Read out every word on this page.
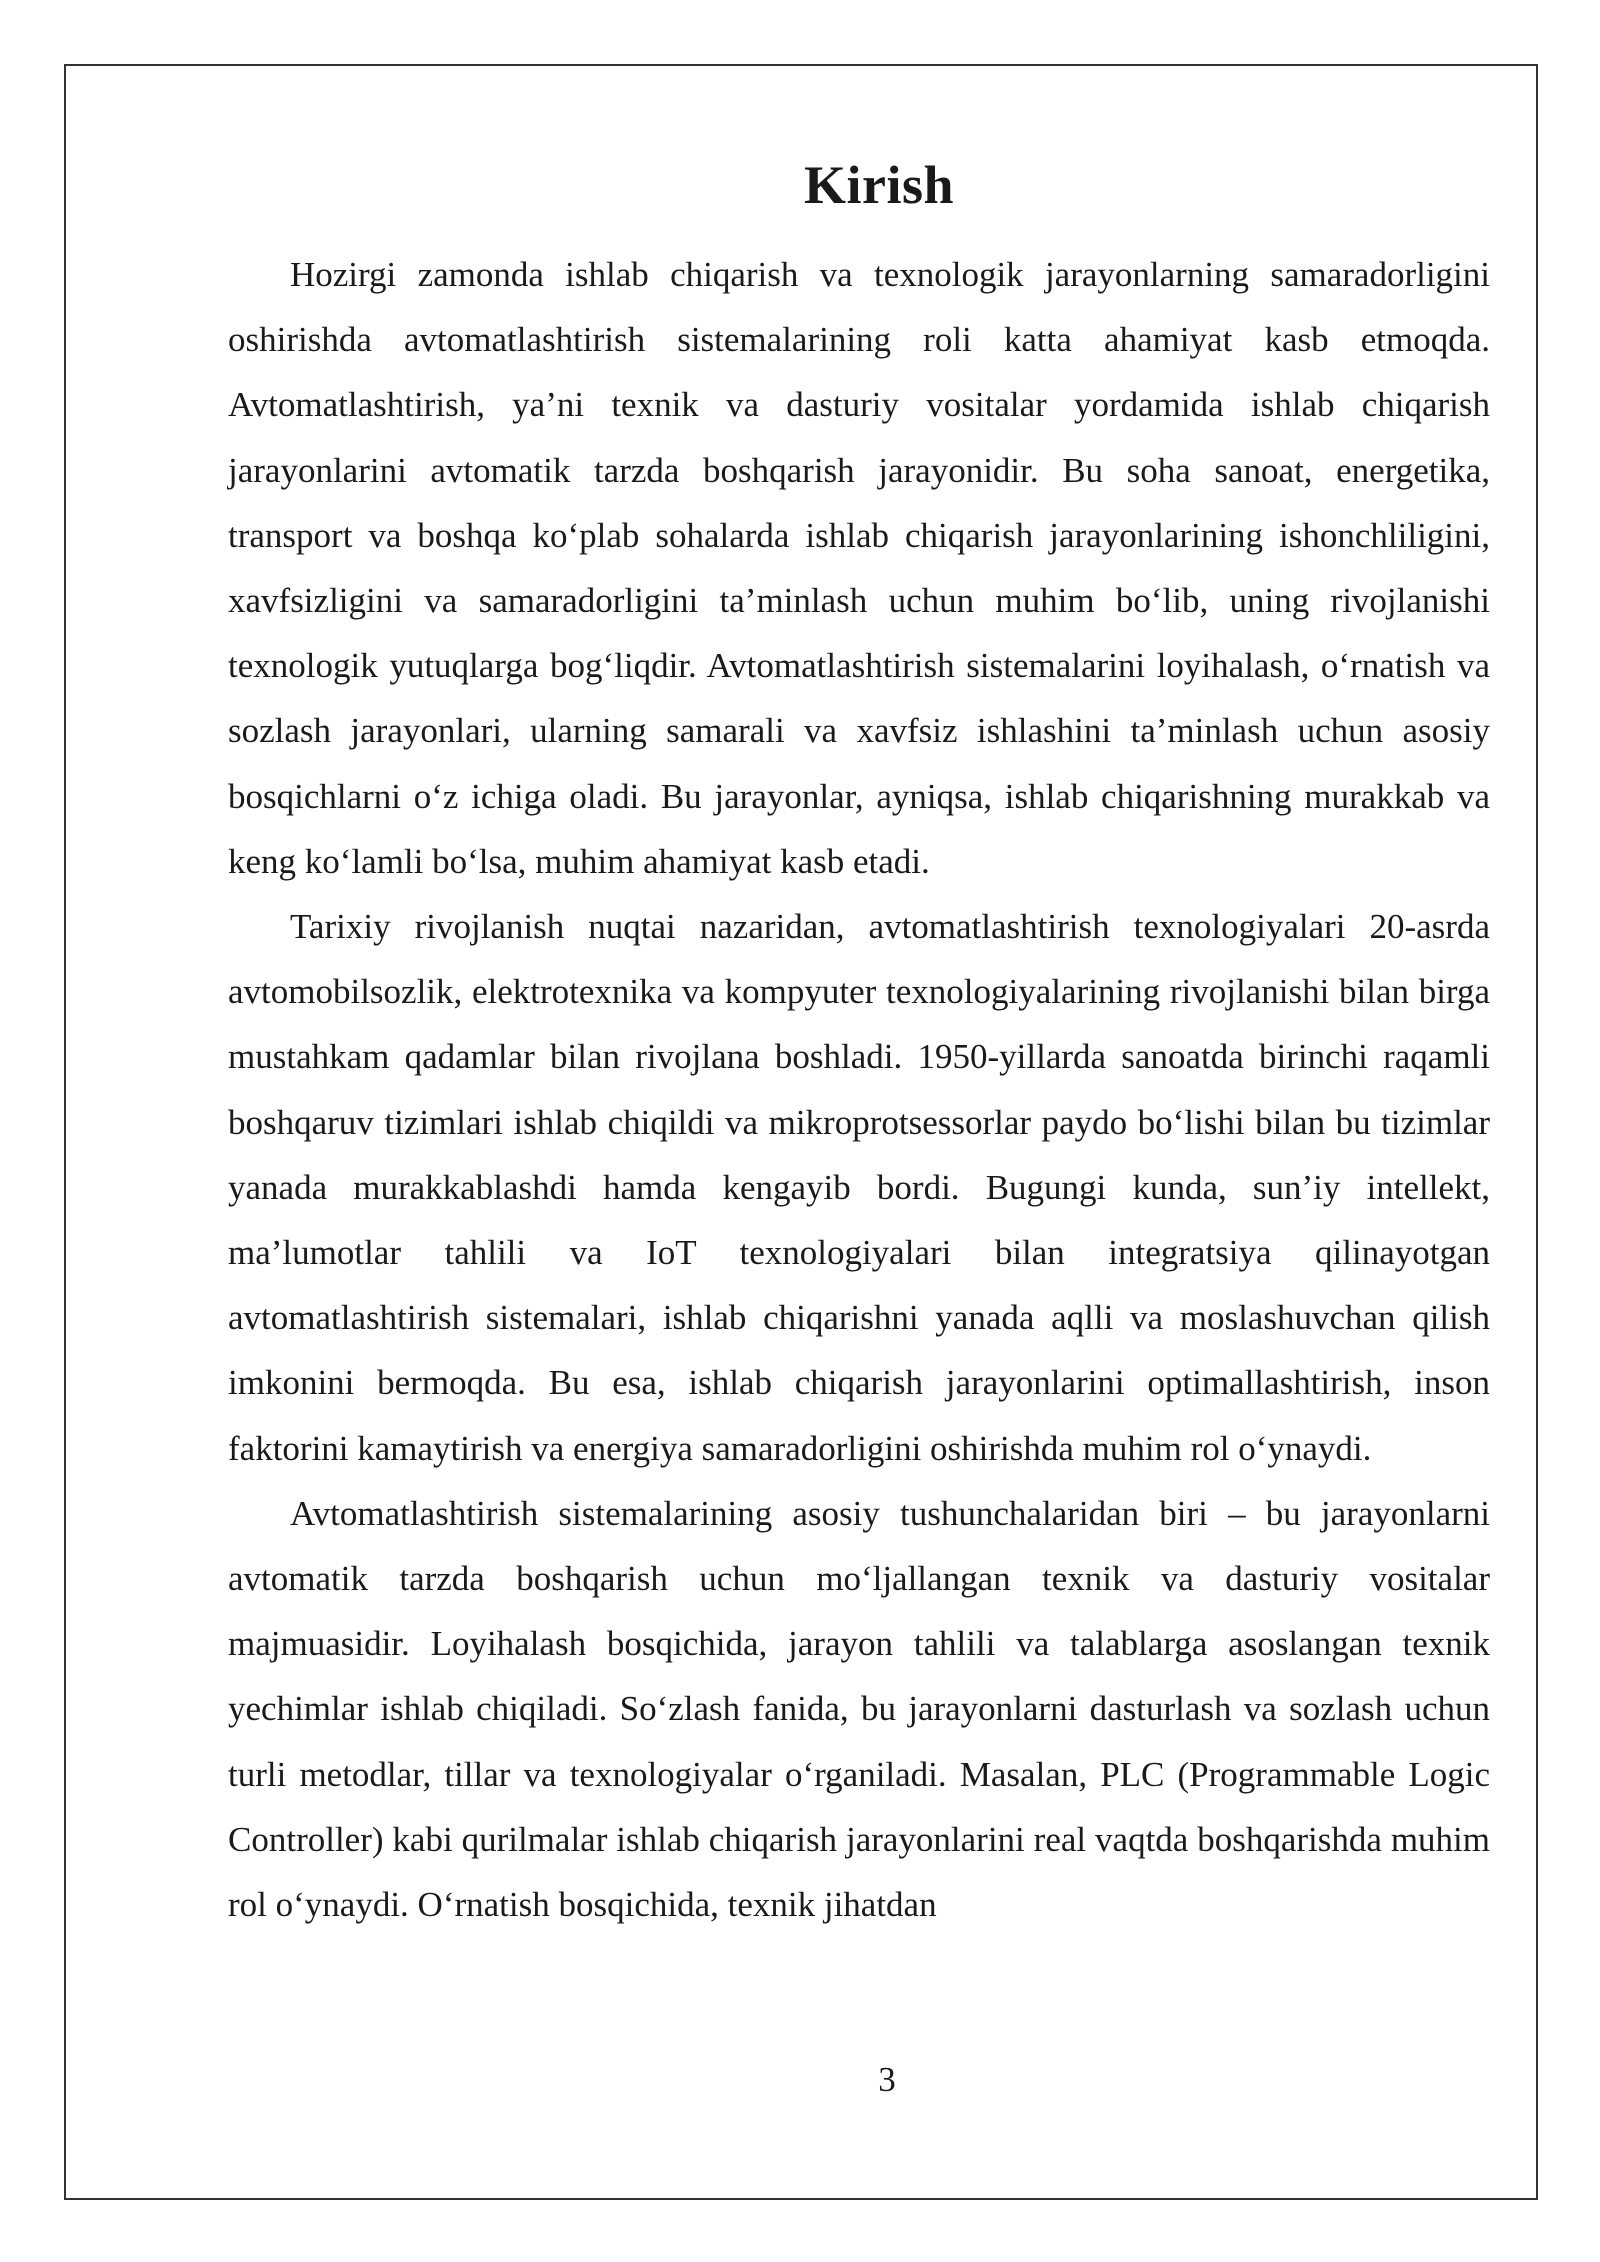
Kirish

Hozirgi zamonda ishlab chiqarish va texnologik jarayonlarning samaradorligini oshirishda avtomatlashtirish sistemalarining roli katta ahamiyat kasb etmoqda. Avtomatlashtirish, ya’ni texnik va dasturiy vositalar yordamida ishlab chiqarish jarayonlarini avtomatik tarzda boshqarish jarayonidir. Bu soha sanoat, energetika, transport va boshqa ko‘plab sohalarda ishlab chiqarish jarayonlarining ishonchliligini, xavfsizligini va samaradorligini ta’minlash uchun muhim bo‘lib, uning rivojlanishi texnologik yutuqlarga bog‘liqdir. Avtomatlashtirish sistemalarini loyihalash, o‘rnatish va sozlash jarayonlari, ularning samarali va xavfsiz ishlashini ta’minlash uchun asosiy bosqichlarni o‘z ichiga oladi. Bu jarayonlar, ayniqsa, ishlab chiqarishning murakkab va keng ko‘lamli bo‘lsa, muhim ahamiyat kasb etadi.

Tarixiy rivojlanish nuqtai nazaridan, avtomatlashtirish texnologiyalari 20-asrda avtomobilsozlik, elektrotexnika va kompyuter texnologiyalarining rivojlanishi bilan birga mustahkam qadamlar bilan rivojlana boshladi. 1950-yillarda sanoatda birinchi raqamli boshqaruv tizimlari ishlab chiqildi va mikroprotsessorlar paydo bo‘lishi bilan bu tizimlar yanada murakkablashdi hamda kengayib bordi. Bugungi kunda, sun’iy intellekt, ma’lumotlar tahlili va IoT texnologiyalari bilan integratsiya qilinayotgan avtomatlashtirish sistemalari, ishlab chiqarishni yanada aqlli va moslashuvchan qilish imkonini bermoqda. Bu esa, ishlab chiqarish jarayonlarini optimallashtirish, inson faktorini kamaytirish va energiya samaradorligini oshirishda muhim rol o‘ynaydi.

Avtomatlashtirish sistemalarining asosiy tushunchalaridan biri – bu jarayonlarni avtomatik tarzda boshqarish uchun mo‘ljallangan texnik va dasturiy vositalar majmuasidir. Loyihalash bosqichida, jarayon tahlili va talablarga asoslangan texnik yechimlar ishlab chiqiladi. So‘zlash fanida, bu jarayonlarni dasturlash va sozlash uchun turli metodlar, tillar va texnologiyalar o‘rganiladi. Masalan, PLC (Programmable Logic Controller) kabi qurilmalar ishlab chiqarish jarayonlarini real vaqtda boshqarishda muhim rol o‘ynaydi. O‘rnatish bosqichida, texnik jihatdan

3
